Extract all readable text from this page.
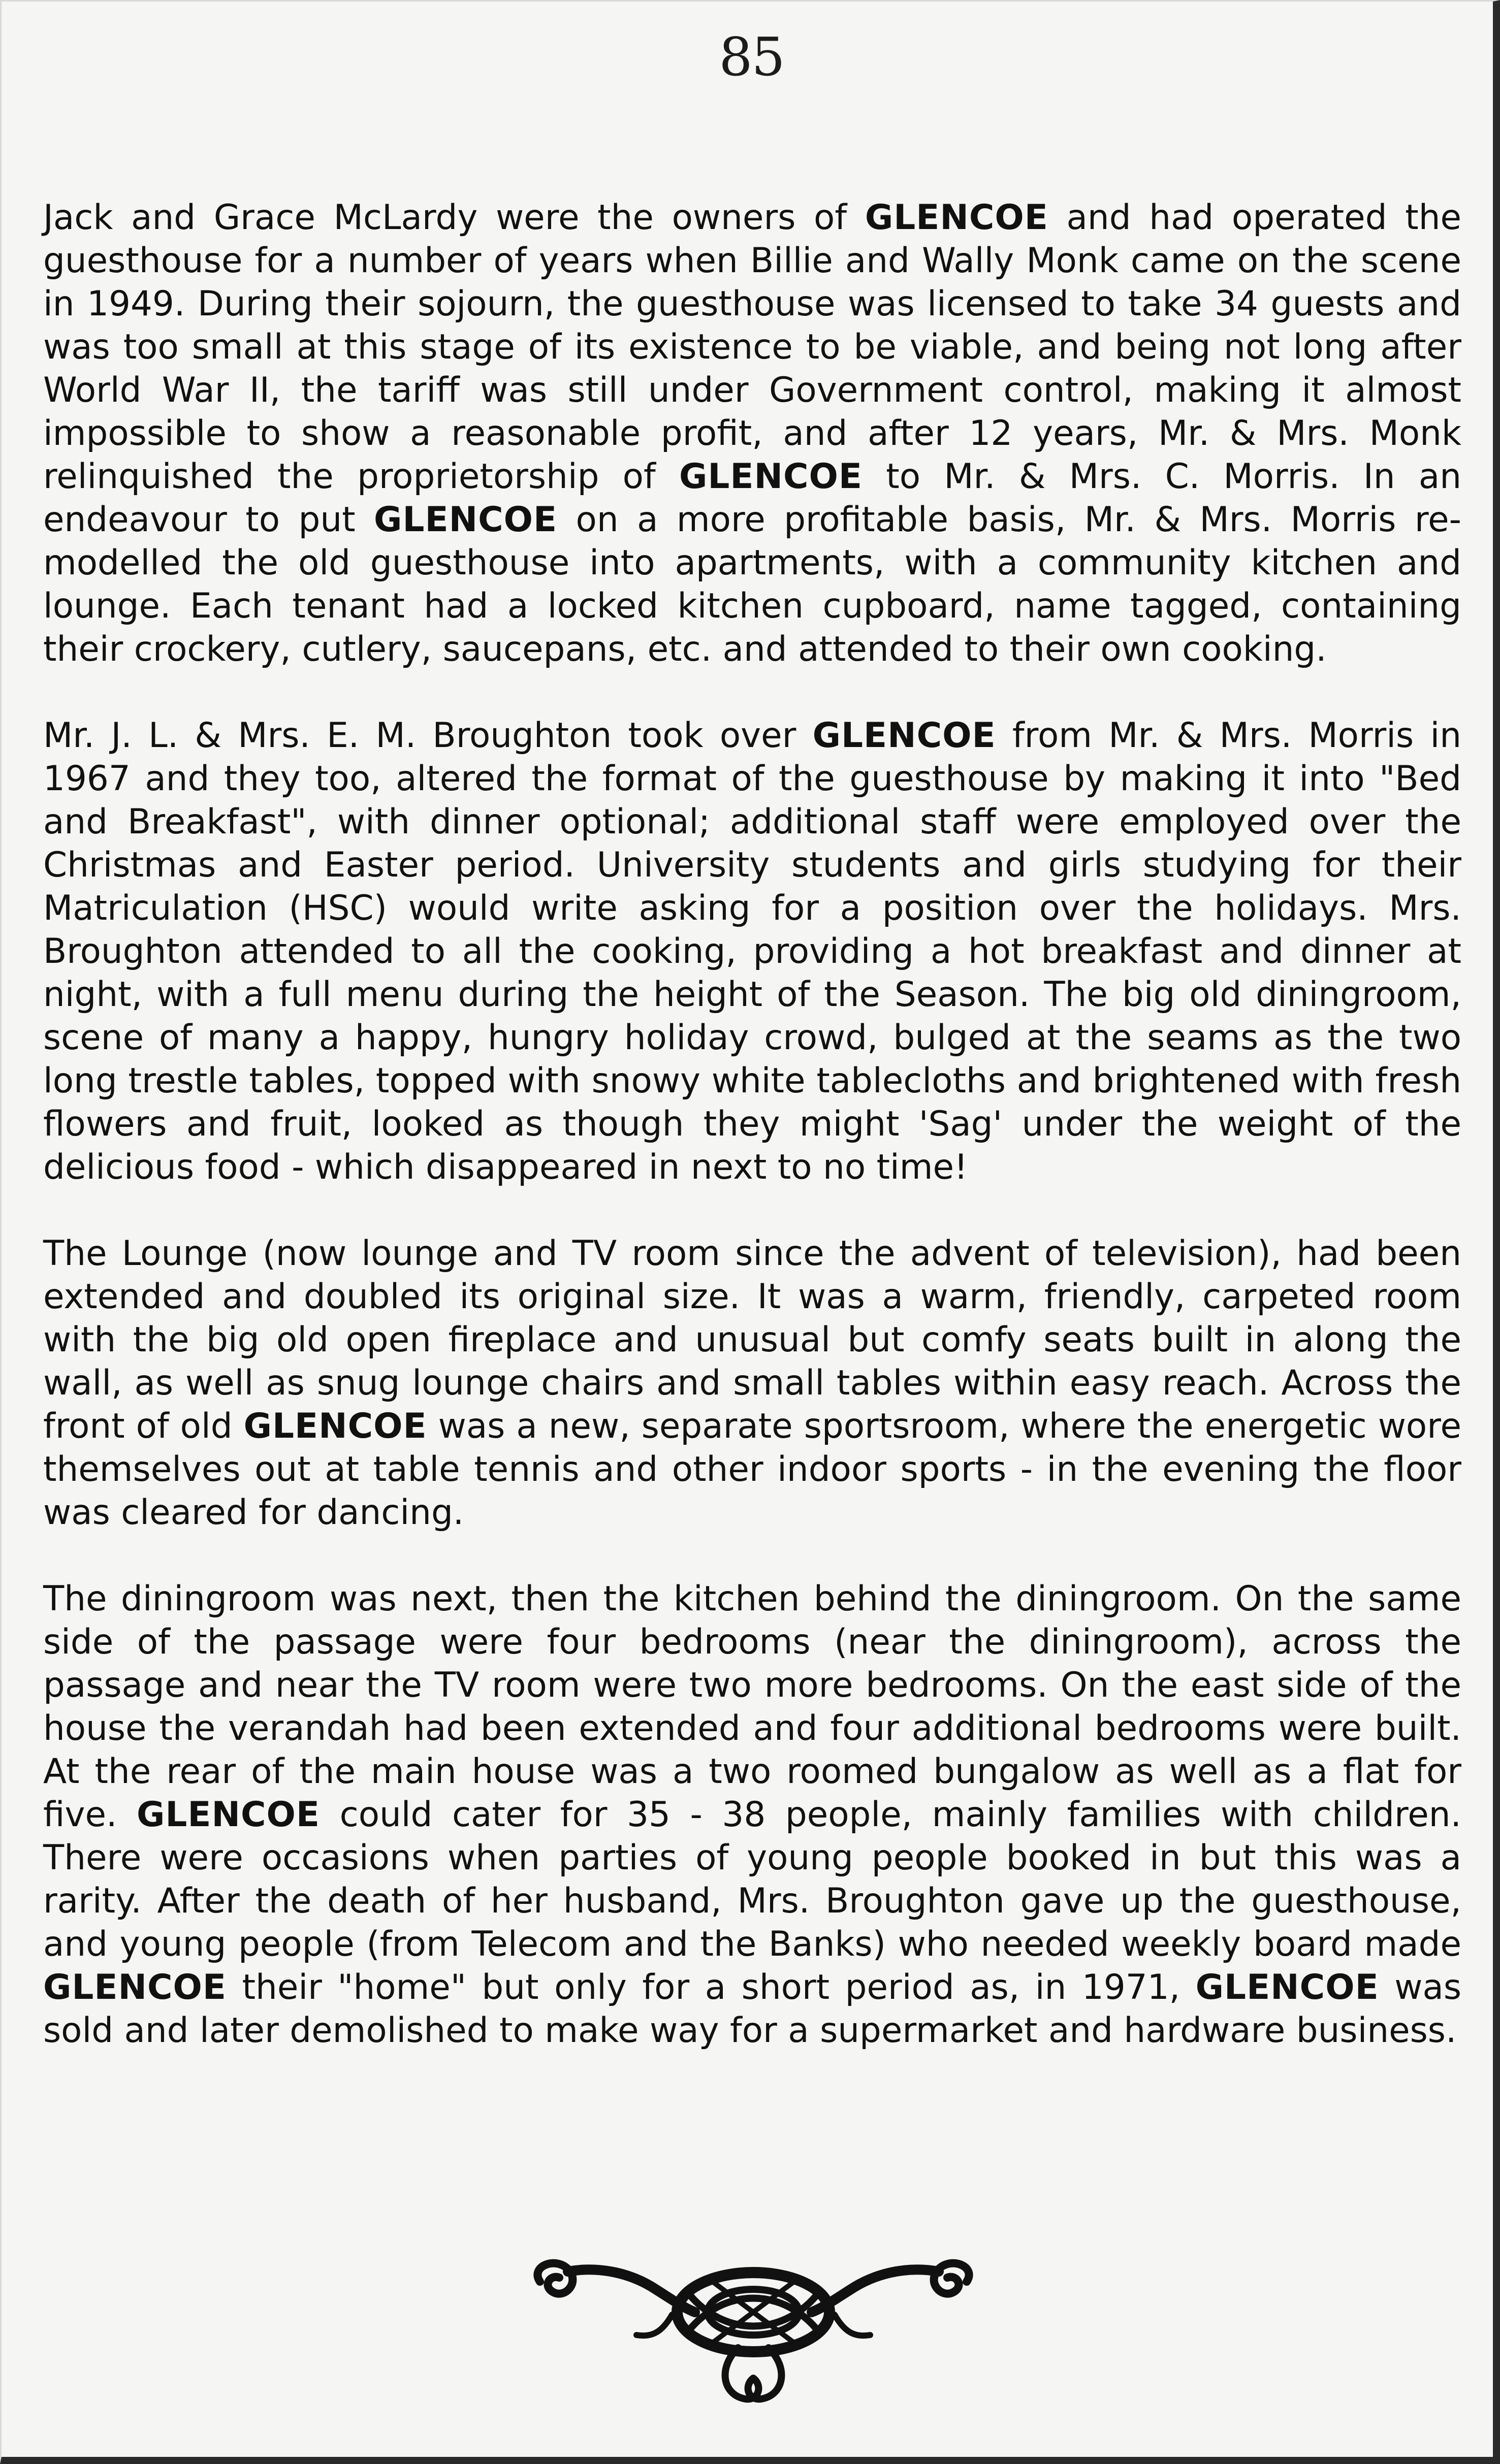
85

Jack and Grace McLardy were the owners of GLENCOE and had operated the guesthouse for a number of years when Billie and Wally Monk came on the scene in 1949. During their sojourn, the guesthouse was licensed to take 34 guests and was too small at this stage of its existence to be viable, and being not long after World War II, the tariff was still under Government control, making it almost impossible to show a reasonable profit, and after 12 years, Mr. & Mrs. Monk relinquished the proprietorship of GLENCOE to Mr. & Mrs. C. Morris. In an endeavour to put GLENCOE on a more profitable basis, Mr. & Mrs. Morris re-modelled the old guesthouse into apartments, with a community kitchen and lounge. Each tenant had a locked kitchen cupboard, name tagged, containing their crockery, cutlery, saucepans, etc. and attended to their own cooking.

Mr. J. L. & Mrs. E. M. Broughton took over GLENCOE from Mr. & Mrs. Morris in 1967 and they too, altered the format of the guesthouse by making it into "Bed and Breakfast", with dinner optional; additional staff were employed over the Christmas and Easter period. University students and girls studying for their Matriculation (HSC) would write asking for a position over the holidays. Mrs. Broughton attended to all the cooking, providing a hot breakfast and dinner at night, with a full menu during the height of the Season. The big old diningroom, scene of many a happy, hungry holiday crowd, bulged at the seams as the two long trestle tables, topped with snowy white tablecloths and brightened with fresh flowers and fruit, looked as though they might 'Sag' under the weight of the delicious food - which disappeared in next to no time!

The Lounge (now lounge and TV room since the advent of television), had been extended and doubled its original size. It was a warm, friendly, carpeted room with the big old open fireplace and unusual but comfy seats built in along the wall, as well as snug lounge chairs and small tables within easy reach. Across the front of old GLENCOE was a new, separate sportsroom, where the energetic wore themselves out at table tennis and other indoor sports - in the evening the floor was cleared for dancing.

The diningroom was next, then the kitchen behind the diningroom. On the same side of the passage were four bedrooms (near the diningroom), across the passage and near the TV room were two more bedrooms. On the east side of the house the verandah had been extended and four additional bedrooms were built. At the rear of the main house was a two roomed bungalow as well as a flat for five. GLENCOE could cater for 35 - 38 people, mainly families with children. There were occasions when parties of young people booked in but this was a rarity. After the death of her husband, Mrs. Broughton gave up the guesthouse, and young people (from Telecom and the Banks) who needed weekly board made GLENCOE their "home" but only for a short period as, in 1971, GLENCOE was sold and later demolished to make way for a supermarket and hardware business.
